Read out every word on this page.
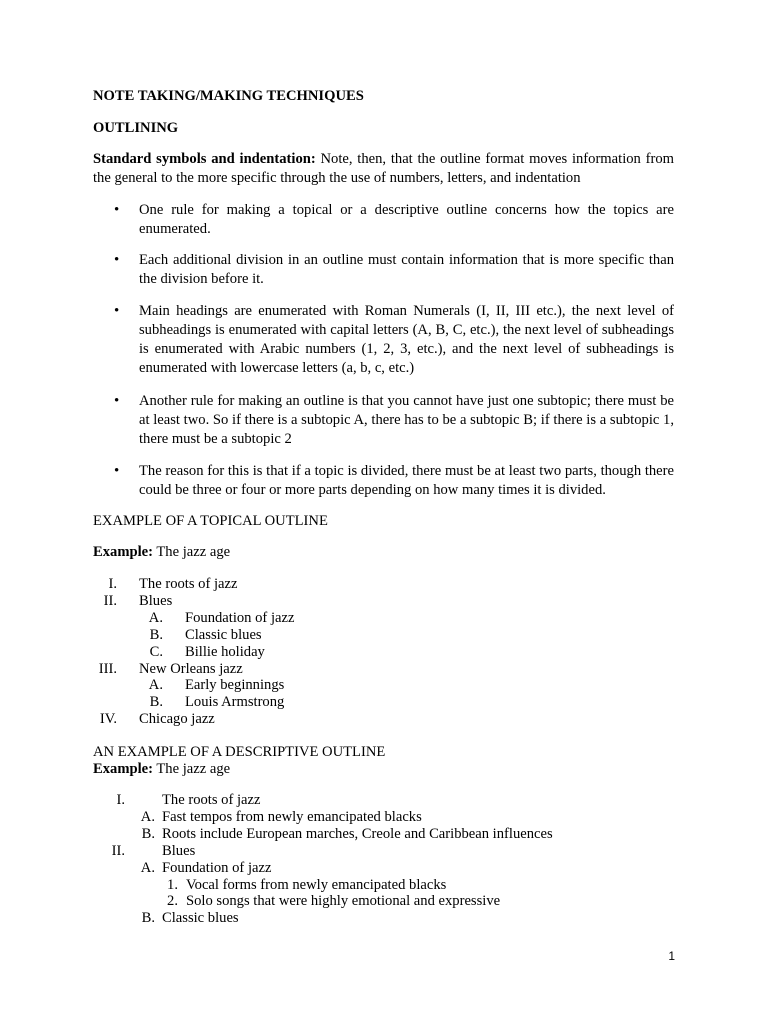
NOTE TAKING/MAKING TECHNIQUES
OUTLINING

Standard symbols and indentation: Note, then, that the outline format moves information from the general to the more specific through the use of numbers, letters, and indentation

• One rule for making a topical or a descriptive outline concerns how the topics are enumerated.
• Each additional division in an outline must contain information that is more specific than the division before it.
• Main headings are enumerated with Roman Numerals (I, II, III etc.), the next level of subheadings is enumerated with capital letters (A, B, C, etc.), the next level of subheadings is enumerated with Arabic numbers (1, 2, 3, etc.), and the next level of subheadings is enumerated with lowercase letters (a, b, c, etc.)
• Another rule for making an outline is that you cannot have just one subtopic; there must be at least two. So if there is a subtopic A, there has to be a subtopic B; if there is a subtopic 1, there must be a subtopic 2
• The reason for this is that if a topic is divided, there must be at least two parts, though there could be three or four or more parts depending on how many times it is divided.
EXAMPLE OF A TOPICAL OUTLINE
Example: The jazz age
I. The roots of jazz
II. Blues
A. Foundation of jazz
B. Classic blues
C. Billie holiday
III. New Orleans jazz
A. Early beginnings
B. Louis Armstrong
IV. Chicago jazz
AN EXAMPLE OF A DESCRIPTIVE OUTLINE
Example: The jazz age
I.	The roots of jazz
A. Fast tempos from newly emancipated blacks
B. Roots include European marches, Creole and Caribbean influences
II.	Blues
A. Foundation of jazz
1. Vocal forms from newly emancipated blacks
2. Solo songs that were highly emotional and expressive
B. Classic blues
1
